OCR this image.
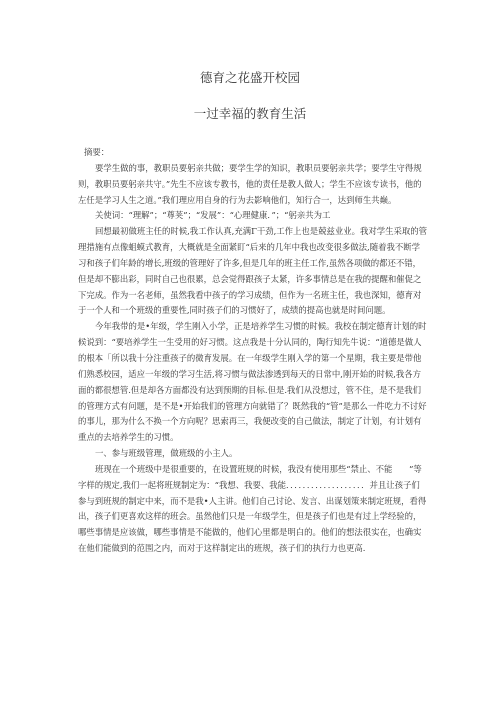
德育之花盛开校园
一过幸福的教育生活

摘要：

要学生做的事，教职员要躬亲共做；要学生学的知识，教职员要躬亲共学；要学生守得规则，教职员要躬亲共守。”先生不应该专教书，他的责任是教人做人；学生不应该专读书，他的左任是学习人生之道。”我们理应用自身的行为去影响他们，知行合一，达到师生共巅。

关使词：“理解”；“尊荚”；“发展”：“心理健康．”；“躬亲共为工

回想最初做班主任的时候,我工作认真,充满Γ干劲,工作上也是兢兹业业。我对学生采取的管理措施有点像蛆蟆式教育，大概就是全面紧盯“后来的几年中我也改变很多做法,随着我不断学习和孩子们年龄的增长,班级的管理好了许多,但是几年的班主任工作,虽然各项做的都还不错，但是却不膨出彩，同时自己也很累，总会觉得跟孩子太紧，许多事情总是在我的提醒和催促之下完成。作为一名老师，虽然我看中孩子的学习成绩，但作为一名班主任，我也深知，德育对于一个人和一个班级的重要性,同时孩子们的习惯好了，成绩的提高也就是时间问题。

今年我带的是•年级，学生刚入小学，正是培养学生习惯的时候。我校在制定德育计划的时候说到：“要培养学生一生受用的好习惯。这点我是十分认同的，陶行知先牛说：“道德是做人的根本「所以我十分注重孩子的微育发展。在一年级学生刚入学的第一个星期，我主要是带他们熟悉校园，适应一年级的学习生活,将习惯与做法渗透到每天的日常中,刚开始的时候,我各方面的都很想管.但是却各方面都没有达到预期的目标.但是.我们从没想过，管不住，是不是我们的管理方式有问题，是不是•开始我们的管理方向就错了？既然我的“管”是那么一件吃力不讨好的事儿，那为什么不换一个方向呢？思索再三，我便改变的自己做法，制定了计划，有计划有重点的去培养学生的习惯。

一、参与班级管理，做班级的小主人。

班现在一个班级中是很重要的，在设置班规的时候，我没有使用那些“禁止、不能　　”等字样的规定,我们一起将班规制定为：“我想、我要、我能．．．．．．．．．．．．．．．．．．．并且让孩子们参与到班规的制定中来，而不是我•人主讲。他们自己讨论、发言、出谋划策来制定班规，看得出，孩子们更喜欢这样的班会。虽然他们只是一年级学生，但是孩子们也是有过上学经验的，哪些事情是应该做，哪些事情是不能做的，他们心里都是明白的。他们的想法很实在，也确实在他们能做到的范围之内，而对于这样制定出的班规，孩子们的执行力也更高.
